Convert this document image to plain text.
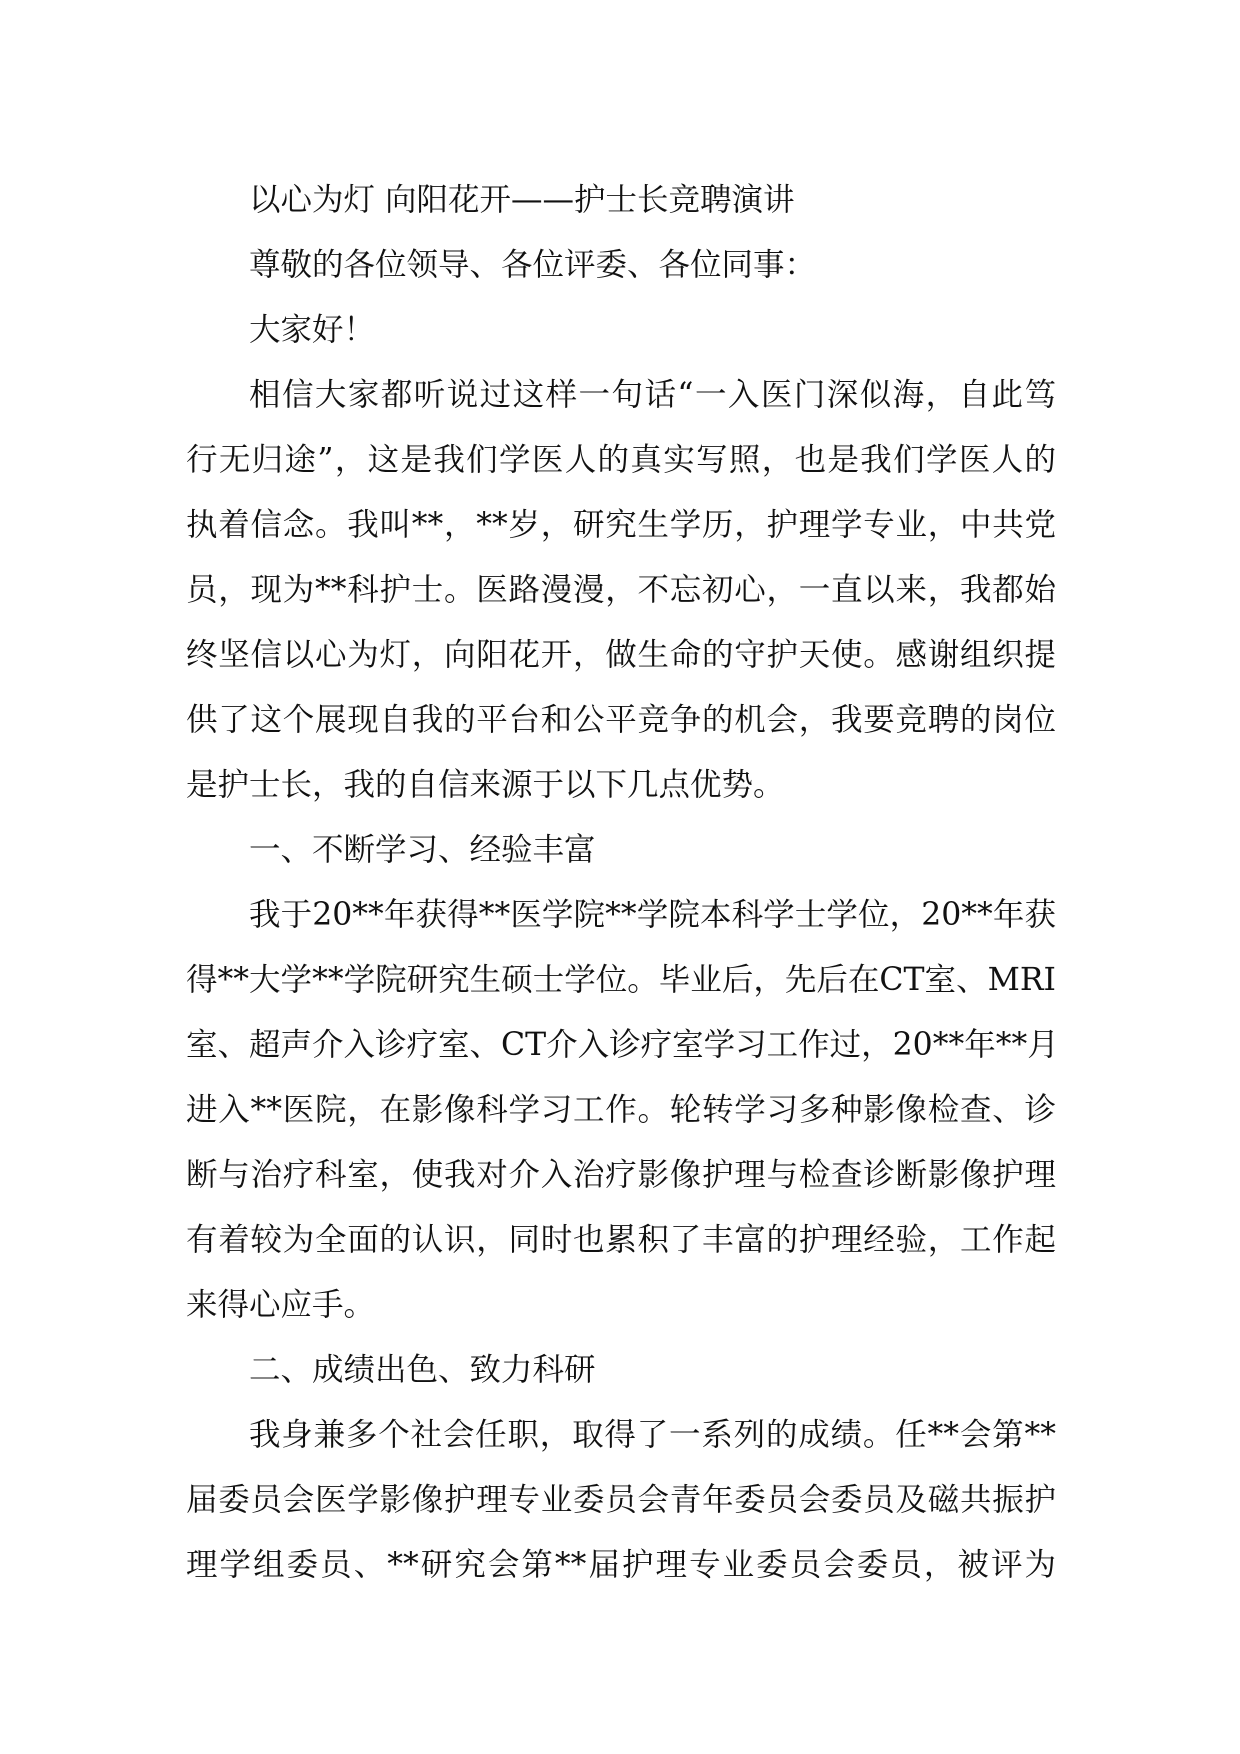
以心为灯 向阳花开——护士长竞聘演讲

尊敬的各位领导、各位评委、各位同事：

大家好！

相信大家都听说过这样一句话“一入医门深似海，自此笃

行无归途”，这是我们学医人的真实写照，也是我们学医人的

执着信念。我叫**，**岁，研究生学历，护理学专业，中共党

员，现为**科护士。医路漫漫，不忘初心，一直以来，我都始

终坚信以心为灯，向阳花开，做生命的守护天使。感谢组织提

供了这个展现自我的平台和公平竞争的机会，我要竞聘的岗位

是护士长，我的自信来源于以下几点优势。

一、不断学习、经验丰富

我于20**年获得**医学院**学院本科学士学位，20**年获

得**大学**学院研究生硕士学位。毕业后，先后在CT室、MRI

室、超声介入诊疗室、CT介入诊疗室学习工作过，20**年**月

进入**医院，在影像科学习工作。轮转学习多种影像检查、诊

断与治疗科室，使我对介入治疗影像护理与检查诊断影像护理

有着较为全面的认识，同时也累积了丰富的护理经验，工作起

来得心应手。

二、成绩出色、致力科研

我身兼多个社会任职，取得了一系列的成绩。任**会第**

届委员会医学影像护理专业委员会青年委员会委员及磁共振护

理学组委员、**研究会第**届护理专业委员会委员，被评为
